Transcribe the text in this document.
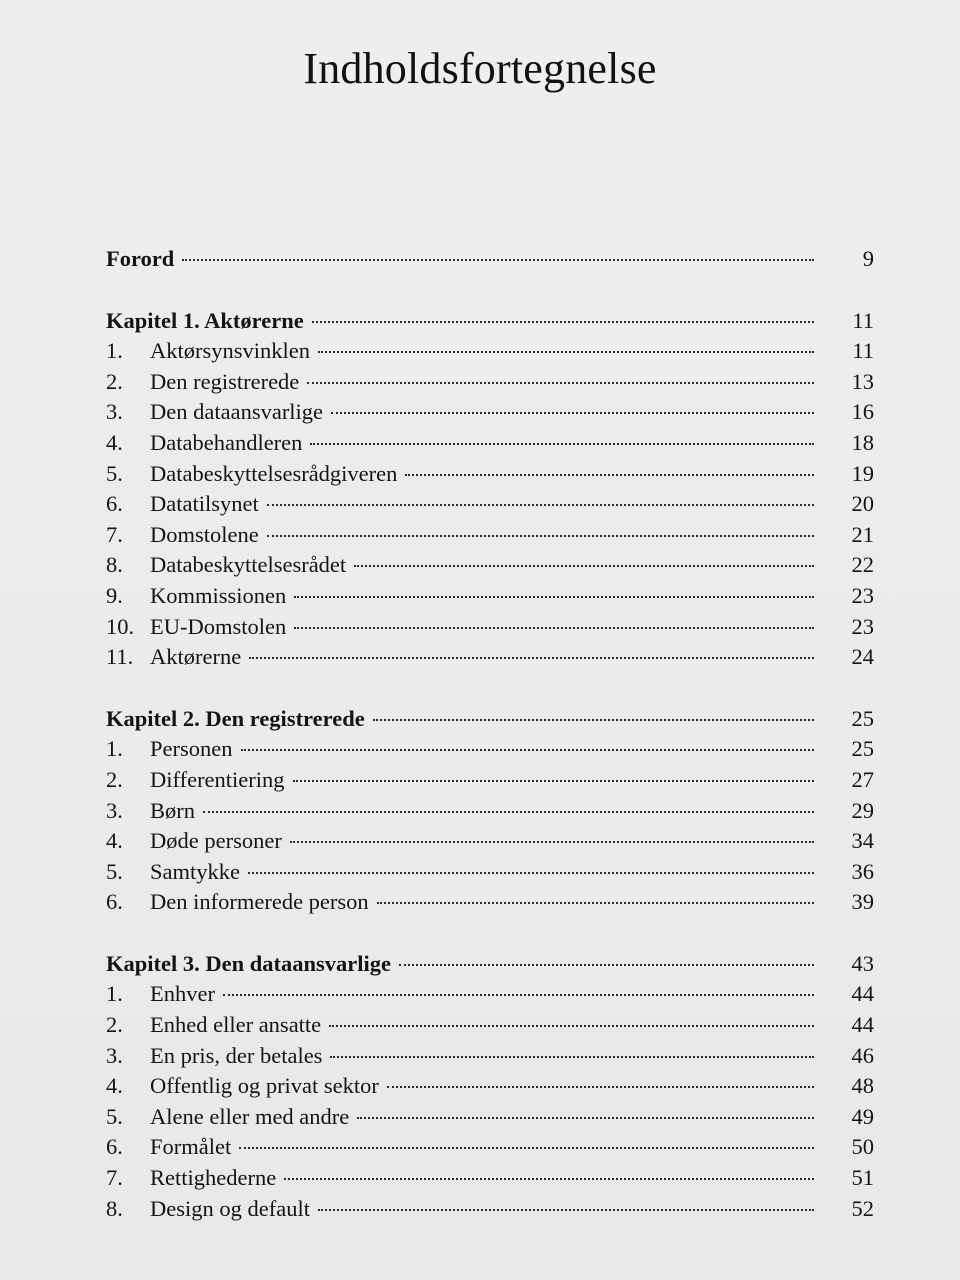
Indholdsfortegnelse
Forord	9
Kapitel 1. Aktørerne	11
1.	Aktørsynsvinklen	11
2.	Den registrerede	13
3.	Den dataansvarlige	16
4.	Databehandleren	18
5.	Databeskyttelsesrådgiveren	19
6.	Datatilsynet	20
7.	Domstolene	21
8.	Databeskyttelsesrådet	22
9.	Kommissionen	23
10. EU-Domstolen	23
11. Aktørerne	24
Kapitel 2. Den registrerede	25
1.	Personen	25
2.	Differentiering	27
3.	Børn	29
4.	Døde personer	34
5.	Samtykke	36
6.	Den informerede person	39
Kapitel 3. Den dataansvarlige	43
1.	Enhver	44
2.	Enhed eller ansatte	44
3.	En pris, der betales	46
4.	Offentlig og privat sektor	48
5.	Alene eller med andre	49
6.	Formålet	50
7.	Rettighederne	51
8.	Design og default	52
